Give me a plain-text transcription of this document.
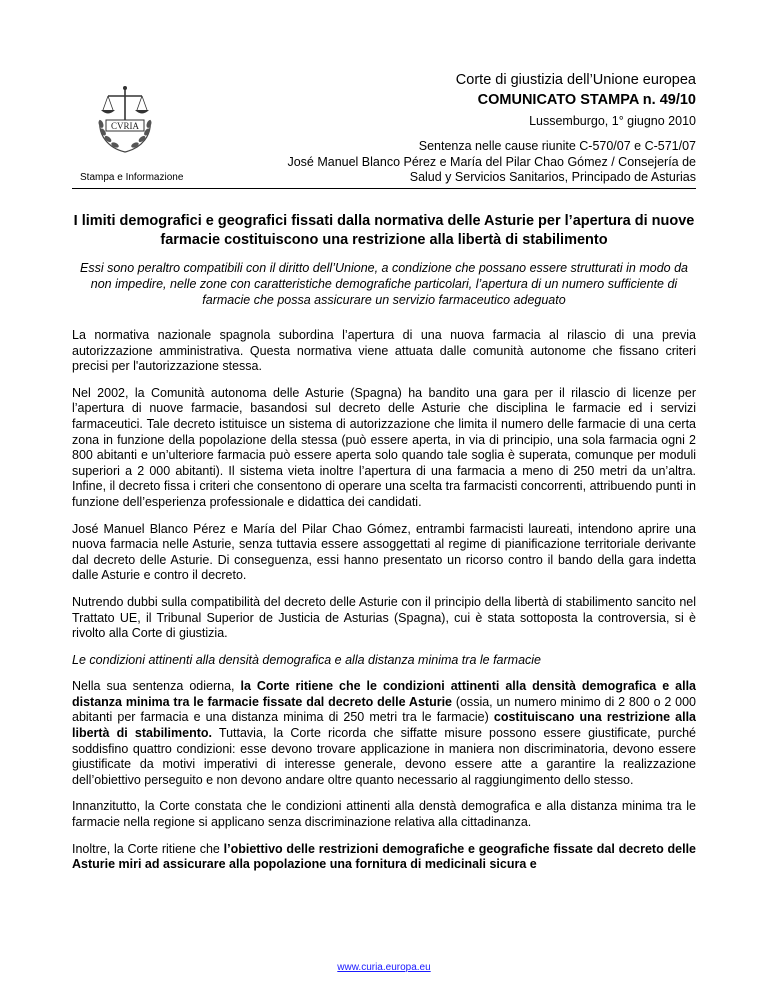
CVRIA
Stampa e Informazione
Corte di giustizia dell’Unione europea
COMUNICATO STAMPA n. 49/10
Lussemburgo, 1° giugno 2010
Sentenza nelle cause riunite C-570/07 e C-571/07
José Manuel Blanco Pérez e María del Pilar Chao Gómez / Consejería de
Salud y Servicios Sanitarios, Principado de Asturias
I limiti demografici e geografici fissati dalla normativa delle Asturie per l’apertura di nuove farmacie costituiscono una restrizione alla libertà di stabilimento
Essi sono peraltro compatibili con il diritto dell’Unione, a condizione che possano essere strutturati in modo da non impedire, nelle zone con caratteristiche demografiche particolari, l’apertura di un numero sufficiente di farmacie che possa assicurare un servizio farmaceutico adeguato

La normativa nazionale spagnola subordina l’apertura di una nuova farmacia al rilascio di una previa autorizzazione amministrativa. Questa normativa viene attuata dalle comunità autonome che fissano criteri precisi per l'autorizzazione stessa.

Nel 2002, la Comunità autonoma delle Asturie (Spagna) ha bandito una gara per il rilascio di licenze per l’apertura di nuove farmacie, basandosi sul decreto delle Asturie che disciplina le farmacie ed i servizi farmaceutici. Tale decreto istituisce un sistema di autorizzazione che limita il numero delle farmacie di una certa zona in funzione della popolazione della stessa (può essere aperta, in via di principio, una sola farmacia ogni 2 800 abitanti e un’ulteriore farmacia può essere aperta solo quando tale soglia è superata, comunque per moduli superiori a 2 000 abitanti). Il sistema vieta inoltre l’apertura di una farmacia a meno di 250 metri da un’altra. Infine, il decreto fissa i criteri che consentono di operare una scelta tra farmacisti concorrenti, attribuendo punti in funzione dell’esperienza professionale e didattica dei candidati.

José Manuel Blanco Pérez e María del Pilar Chao Gómez, entrambi farmacisti laureati, intendono aprire una nuova farmacia nelle Asturie, senza tuttavia essere assoggettati al regime di pianificazione territoriale derivante dal decreto delle Asturie. Di conseguenza, essi hanno presentato un ricorso contro il bando della gara indetta dalle Asturie e contro il decreto.

Nutrendo dubbi sulla compatibilità del decreto delle Asturie con il principio della libertà di stabilimento sancito nel Trattato UE, il Tribunal Superior de Justicia de Asturias (Spagna), cui è stata sottoposta la controversia, si è rivolto alla Corte di giustizia.

Le condizioni attinenti alla densità demografica e alla distanza minima tra le farmacie

Nella sua sentenza odierna, la Corte ritiene che le condizioni attinenti alla densità demografica e alla distanza minima tra le farmacie fissate dal decreto delle Asturie (ossia, un numero minimo di 2 800 o 2 000 abitanti per farmacia e una distanza minima di 250 metri tra le farmacie) costituiscano una restrizione alla libertà di stabilimento. Tuttavia, la Corte ricorda che siffatte misure possono essere giustificate, purché soddisfino quattro condizioni: esse devono trovare applicazione in maniera non discriminatoria, devono essere giustificate da motivi imperativi di interesse generale, devono essere atte a garantire la realizzazione dell’obiettivo perseguito e non devono andare oltre quanto necessario al raggiungimento dello stesso.

Innanzitutto, la Corte constata che le condizioni attinenti alla denstà demografica e alla distanza minima tra le farmacie nella regione si applicano senza discriminazione relativa alla cittadinanza.

Inoltre, la Corte ritiene che l’obiettivo delle restrizioni demografiche e geografiche fissate dal decreto delle Asturie miri ad assicurare alla popolazione una fornitura di medicinali sicura e

www.curia.europa.eu
